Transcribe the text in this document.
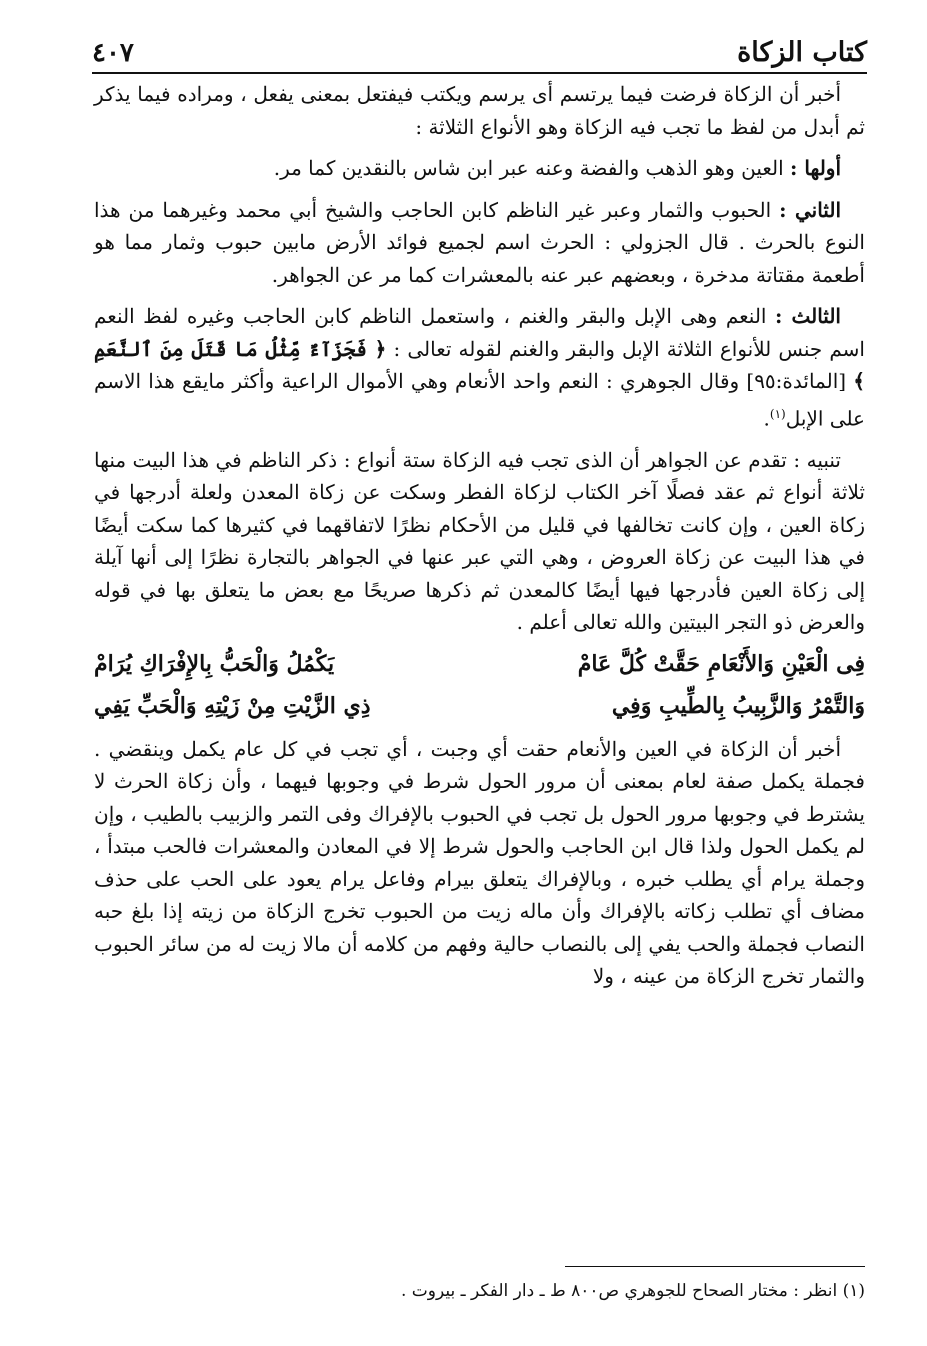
كتاب الزكاة
٤٠٧

أخبر أن الزكاة فرضت فيما يرتسم أى يرسم ويكتب فيفتعل بمعنى يفعل ، ومراده فيما يذكر ثم أبدل من لفظ ما تجب فيه الزكاة وهو الأنواع الثلاثة :

أولها : العين وهو الذهب والفضة وعنه عبر ابن شاس بالنقدين كما مر.

الثاني : الحبوب والثمار وعبر غير الناظم كابن الحاجب والشيخ أبي محمد وغيرهما من هذا النوع بالحرث . قال الجزولي : الحرث اسم لجميع فوائد الأرض مابين حبوب وثمار مما هو أطعمة مقتاتة مدخرة ، وبعضهم عبر عنه بالمعشرات كما مر عن الجواهر.

الثالث : النعم وهى الإبل والبقر والغنم ، واستعمل الناظم كابن الحاجب وغيره لفظ النعم اسم جنس للأنواع الثلاثة الإبل والبقر والغنم لقوله تعالى : ﴿ فَجَزَآءٌ مِّثْلُ مَا قَتَلَ مِنَ ٱلنَّعَمِ ﴾ [المائدة:٩٥] وقال الجوهري : النعم واحد الأنعام وهي الأموال الراعية وأكثر مايقع هذا الاسم على الإبل$^{(١)}$.

تنبيه : تقدم عن الجواهر أن الذى تجب فيه الزكاة ستة أنواع : ذكر الناظم في هذا البيت منها ثلاثة أنواع ثم عقد فصلًا آخر الكتاب لزكاة الفطر وسكت عن زكاة المعدن ولعلة أدرجها في زكاة العين ، وإن كانت تخالفها في قليل من الأحكام نظرًا لاتفاقهما في كثيرها كما سكت أيضًا في هذا البيت عن زكاة العروض ، وهي التي عبر عنها في الجواهر بالتجارة نظرًا إلى أنها آيلة إلى زكاة العين فأدرجها فيها أيضًا كالمعدن ثم ذكرها صريحًا مع بعض ما يتعلق بها في قوله والعرض ذو التجر البيتين والله تعالى أعلم .

فِى الْعَيْنِ وَالأَنْعَامِ حَقَّتْ كُلَّ عَامْ
يَكْمُلُ وَالْحَبُّ بِالإِفْرَاكِ يُرَامْ
وَالتَّمْرُ وَالزَّبِيبُ بِالطِّيبِ وَفِي
ذِي الزَّيْتِ مِنْ زَيْتِهِ وَالْحَبِّ يَفِي

أخبر أن الزكاة في العين والأنعام حقت أي وجبت ، أي تجب في كل عام يكمل وينقضي . فجملة يكمل صفة لعام بمعنى أن مرور الحول شرط في وجوبها فيهما ، وأن زكاة الحرث لا يشترط في وجوبها مرور الحول بل تجب في الحبوب بالإفراك وفى التمر والزبيب بالطيب ، وإن لم يكمل الحول ولذا قال ابن الحاجب والحول شرط إلا في المعادن والمعشرات فالحب مبتدأ ، وجملة يرام أي يطلب خبره ، وبالإفراك يتعلق بيرام وفاعل يرام يعود على الحب على حذف مضاف أي تطلب زكاته بالإفراك وأن ماله زيت من الحبوب تخرج الزكاة من زيته إذا بلغ حبه النصاب فجملة والحب يفي إلى بالنصاب حالية وفهم من كلامه أن مالا زيت له من سائر الحبوب والثمار تخرج الزكاة من عينه ، ولا

(١) انظر : مختار الصحاح للجوهري ص٨٠٠ ط ـ دار الفكر ـ بيروت .
